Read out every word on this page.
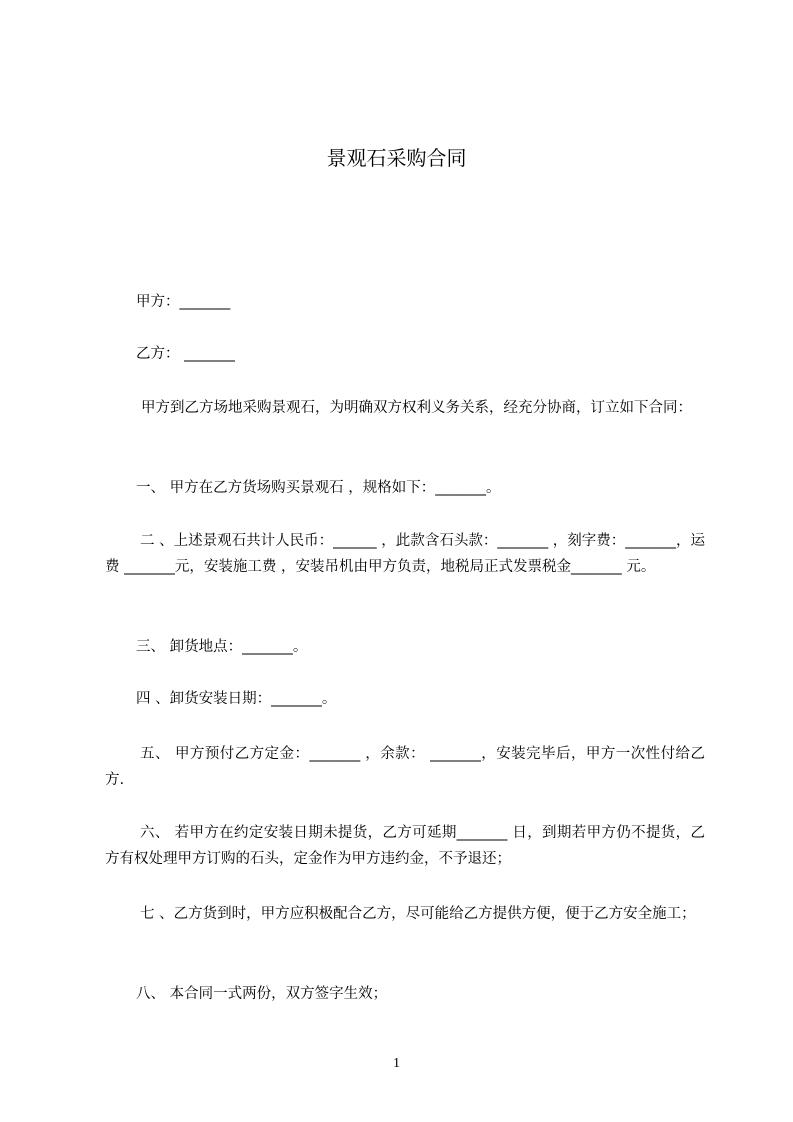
景观石采购合同
甲方：_______
乙方： _______
甲方到乙方场地采购景观石，为明确双方权利义务关系，经充分协商，订立如下合同：
一、 甲方在乙方货场购买景观石 ，规格如下：_______。
二 、上述景观石共计人民币：______ ，此款含石头款：_______ ，刻字费：_______，运费 _______元，安装施工费 ，安装吊机由甲方负责，地税局正式发票税金_______ 元。
三、 卸货地点：_______。
四 、卸货安装日期：_______。
五、 甲方预付乙方定金：_______ ，余款： _______，安装完毕后，甲方一次性付给乙方.
六、 若甲方在约定安装日期未提货，乙方可延期_______ 日，到期若甲方仍不提货，乙方有权处理甲方订购的石头，定金作为甲方违约金，不予退还；
七 、乙方货到时，甲方应积极配合乙方，尽可能给乙方提供方便，便于乙方安全施工；
八、 本合同一式两份，双方签字生效；
1
